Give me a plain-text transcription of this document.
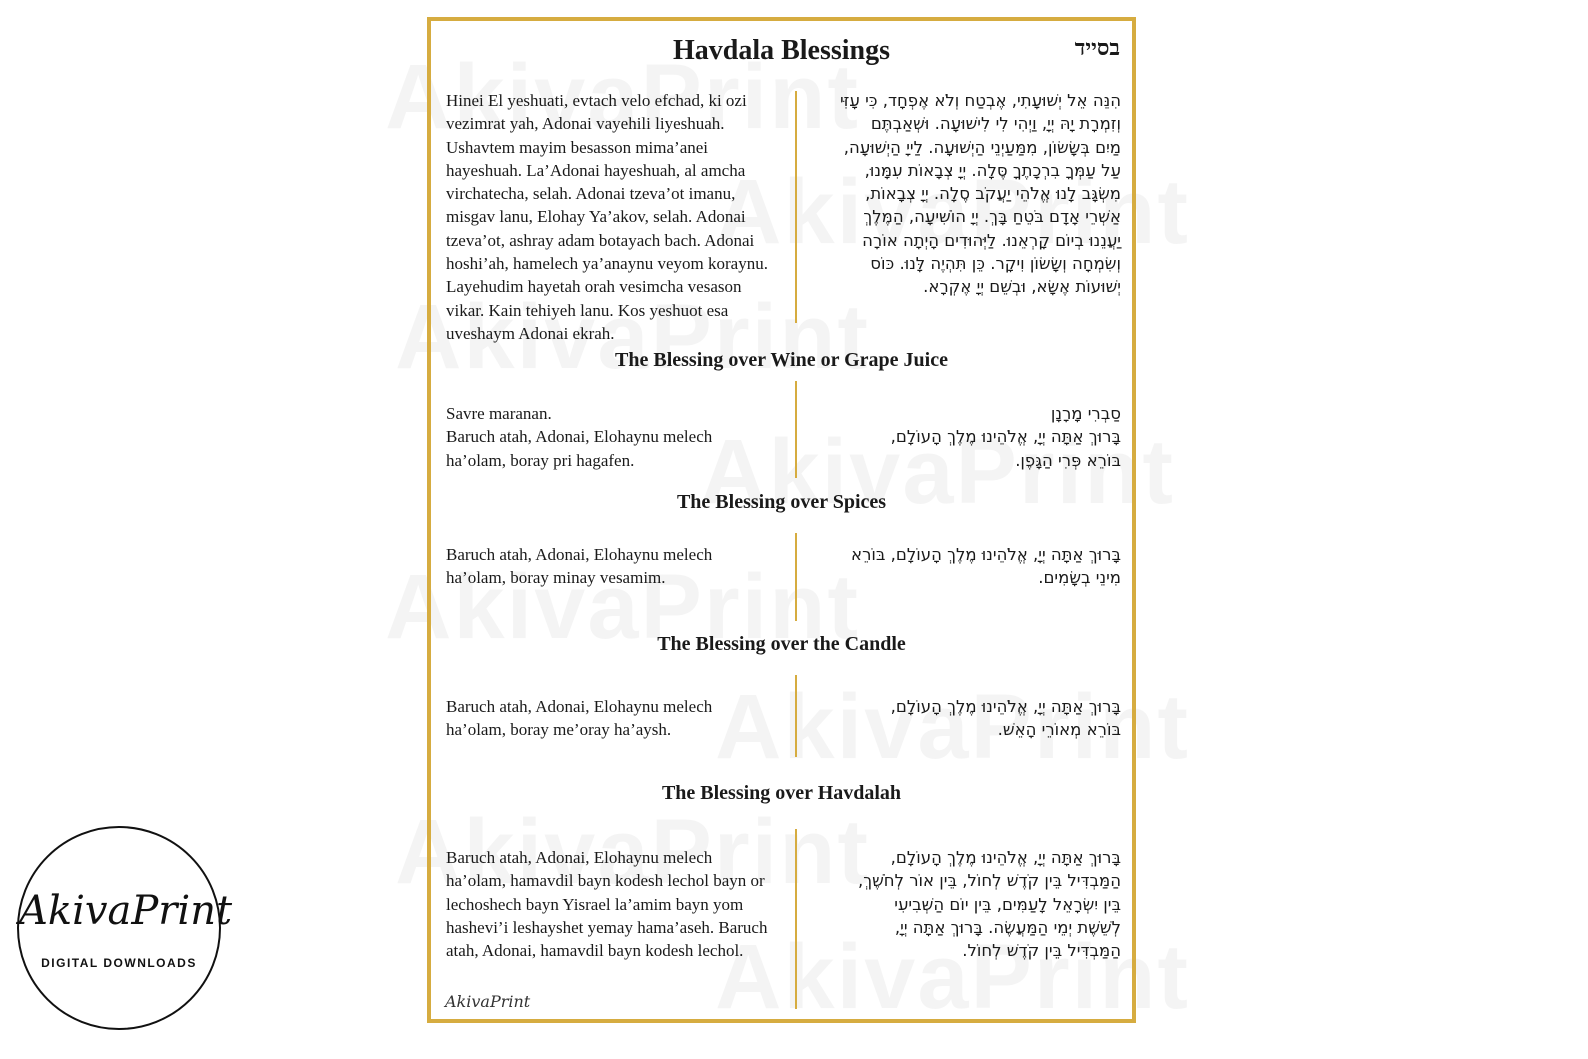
Havdala Blessings	בסייד
Hinei El yeshuati, evtach velo efchad, ki ozi
vezimrat yah, Adonai vayehili liyeshuah.
Ushavtem mayim besasson mima’anei
hayeshuah. La’Adonai hayeshuah, al amcha
virchatecha, selah. Adonai tzeva’ot imanu,
misgav lanu, Elohay Ya’akov, selah. Adonai
tzeva’ot, ashray adam botayach bach. Adonai
hoshi’ah, hamelech ya’anaynu veyom koraynu.
Layehudim hayetah orah vesimcha vesason
vikar. Kain tehiyeh lanu. Kos yeshuot esa
uveshaym Adonai ekrah.
הִנֵּה אֵל יְשׁוּעָתִי, אֶבְטַח וְלֹא אֶפְחָד, כִּי עָזִּי
וְזִמְרָת יָהּ יְיָ, וַיְהִי לִי לִישׁוּעָה. וּשְׁאַבְתֶּם
מַיִם בְּשָׂשׂוֹן, מִמַּעַיְנֵי הַיְשׁוּעָה. לַייָ הַיְשׁוּעָה,
עַל עַמְּךָ בִרְכָתֶךָ סֶּלָה. יְיָ צְבָאוֹת עִמָּנוּ,
מִשְׂגָּב לָנוּ אֱלֹהֵי יַעֲקֹב סֶלָה. יְיָ צְבָאוֹת,
אַשְׁרֵי אָדָם בֹּטֵחַ בָּךְ. יְיָ הוֹשִׁיעָה, הַמֶּלֶךְ
יַעֲנֵנוּ בְיוֹם קָרְאֵנוּ. לַיְּהוּדִים הָיְתָה אוֹרָה
וְשִׂמְחָה וְשָׂשׂוֹן וִיקָר. כֵּן תִּהְיֶה לָּנוּ. כּוֹס
יְשׁוּעוֹת אֶשָּׂא, וּבְשֵׁם יְיָ אֶקְרָא.
The Blessing over Wine or Grape Juice
Savre maranan.
Baruch atah, Adonai, Elohaynu melech
ha’olam, boray pri hagafen.
סַבְרִי מָרָנָן
בָּרוּךְ אַתָּה יְיָ, אֱלֹהֵינוּ מֶלֶךְ הָעוֹלָם,
בּוֹרֵא פְּרִי הַגָּפֶן.
The Blessing over Spices
Baruch atah, Adonai, Elohaynu melech
ha’olam, boray minay vesamim.
בָּרוּךְ אַתָּה יְיָ, אֱלֹהֵינוּ מֶלֶךְ הָעוֹלָם, בּוֹרֵא
מִינֵי בְשָׂמִים.
The Blessing over the Candle
Baruch atah, Adonai, Elohaynu melech
ha’olam, boray me’oray ha’aysh.
בָּרוּךְ אַתָּה יְיָ, אֱלֹהֵינוּ מֶלֶךְ הָעוֹלָם,
בּוֹרֵא מְאוֹרֵי הָאֵשׁ.
The Blessing over Havdalah
Baruch atah, Adonai, Elohaynu melech
ha’olam, hamavdil bayn kodesh lechol bayn or
lechoshech bayn Yisrael la’amim bayn yom
hashevi’i leshayshet yemay hama’aseh. Baruch
atah, Adonai, hamavdil bayn kodesh lechol.
בָּרוּךְ אַתָּה יְיָ, אֱלֹהֵינוּ מֶלֶךְ הָעוֹלָם,
הַמַּבְדִּיל בֵּין קֹדֶשׁ לְחוֹל, בֵּין אוֹר לְחֹשֶׁךְ,
בֵּין יִשְׂרָאֵל לָעַמִּים, בֵּין יוֹם הַשְּׁבִיעִי
לְשֵׁשֶׁת יְמֵי הַמַּעֲשֶׂה. בָּרוּךְ אַתָּה יְיָ,
הַמַּבְדִּיל בֵּין קֹדֶשׁ לְחוֹל.
AkivaPrint
AkivaPrint
DIGITAL DOWNLOADS
